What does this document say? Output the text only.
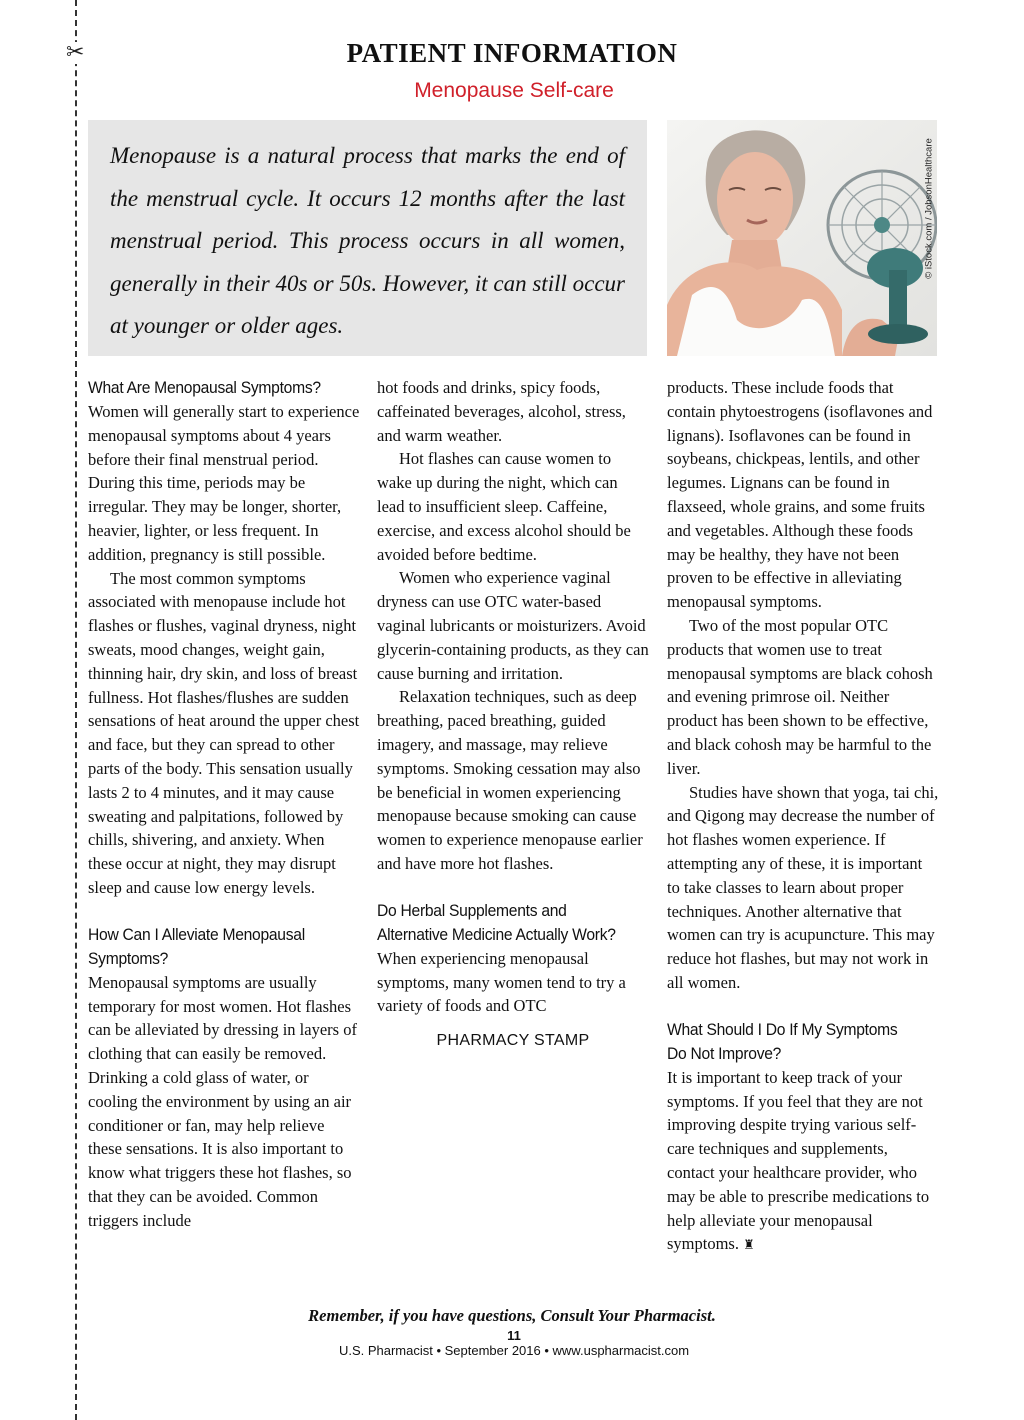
✂	PATIENT INFORMATION
Menopause Self-care

Menopause is a natural process that marks the end of the menstrual cycle. It occurs 12 months after the last menstrual period. This process occurs in all women, generally in their 40s or 50s. However, it can still occur at younger or older ages.

© iStock.com / JobsonHealthcare
What Are Menopausal Symptoms?

Women will generally start to experience menopausal symptoms about 4 years before their final menstrual period. During this time, periods may be irregular. They may be longer, shorter, heavier, lighter, or less frequent. In addition, pregnancy is still possible.

The most common symptoms associated with menopause include hot flashes or flushes, vaginal dryness, night sweats, mood changes, weight gain, thinning hair, dry skin, and loss of breast fullness. Hot flashes/flushes are sudden sensations of heat around the upper chest and face, but they can spread to other parts of the body. This sensation usually lasts 2 to 4 minutes, and it may cause sweating and palpitations, followed by chills, shivering, and anxiety. When these occur at night, they may disrupt sleep and cause low energy levels.

How Can I Alleviate Menopausal Symptoms?

Menopausal symptoms are usually temporary for most women. Hot flashes can be alleviated by dressing in layers of clothing that can easily be removed. Drinking a cold glass of water, or cooling the environment by using an air conditioner or fan, may help relieve these sensations. It is also important to know what triggers these hot flashes, so that they can be avoided. Common triggers include

hot foods and drinks, spicy foods, caffeinated beverages, alcohol, stress, and warm weather.

Hot flashes can cause women to wake up during the night, which can lead to insufficient sleep. Caffeine, exercise, and excess alcohol should be avoided before bedtime.

Women who experience vaginal dryness can use OTC water-based vaginal lubricants or moisturizers. Avoid glycerin-containing products, as they can cause burning and irritation.

Relaxation techniques, such as deep breathing, paced breathing, guided imagery, and massage, may relieve symptoms. Smoking cessation may also be beneficial in women experiencing menopause because smoking can cause women to experience menopause earlier and have more hot flashes.

Do Herbal Supplements and Alternative Medicine Actually Work?

When experiencing menopausal symptoms, many women tend to try a variety of foods and OTC

PHARMACY STAMP

products. These include foods that contain phytoestrogens (isoflavones and lignans). Isoflavones can be found in soybeans, chickpeas, lentils, and other legumes. Lignans can be found in flaxseed, whole grains, and some fruits and vegetables. Although these foods may be healthy, they have not been proven to be effective in alleviating menopausal symptoms.

Two of the most popular OTC products that women use to treat menopausal symptoms are black cohosh and evening primrose oil. Neither product has been shown to be effective, and black cohosh may be harmful to the liver.

Studies have shown that yoga, tai chi, and Qigong may decrease the number of hot flashes women experience. If attempting any of these, it is important to take classes to learn about proper techniques. Another alternative that women can try is acupuncture. This may reduce hot flashes, but may not work in all women.

What Should I Do If My Symptoms Do Not Improve?

It is important to keep track of your symptoms. If you feel that they are not improving despite trying various self-care techniques and supplements, contact your healthcare provider, who may be able to prescribe medications to help alleviate your menopausal symptoms. ♜

Remember, if you have questions, Consult Your Pharmacist.
11
U.S. Pharmacist • September 2016 • www.uspharmacist.com
